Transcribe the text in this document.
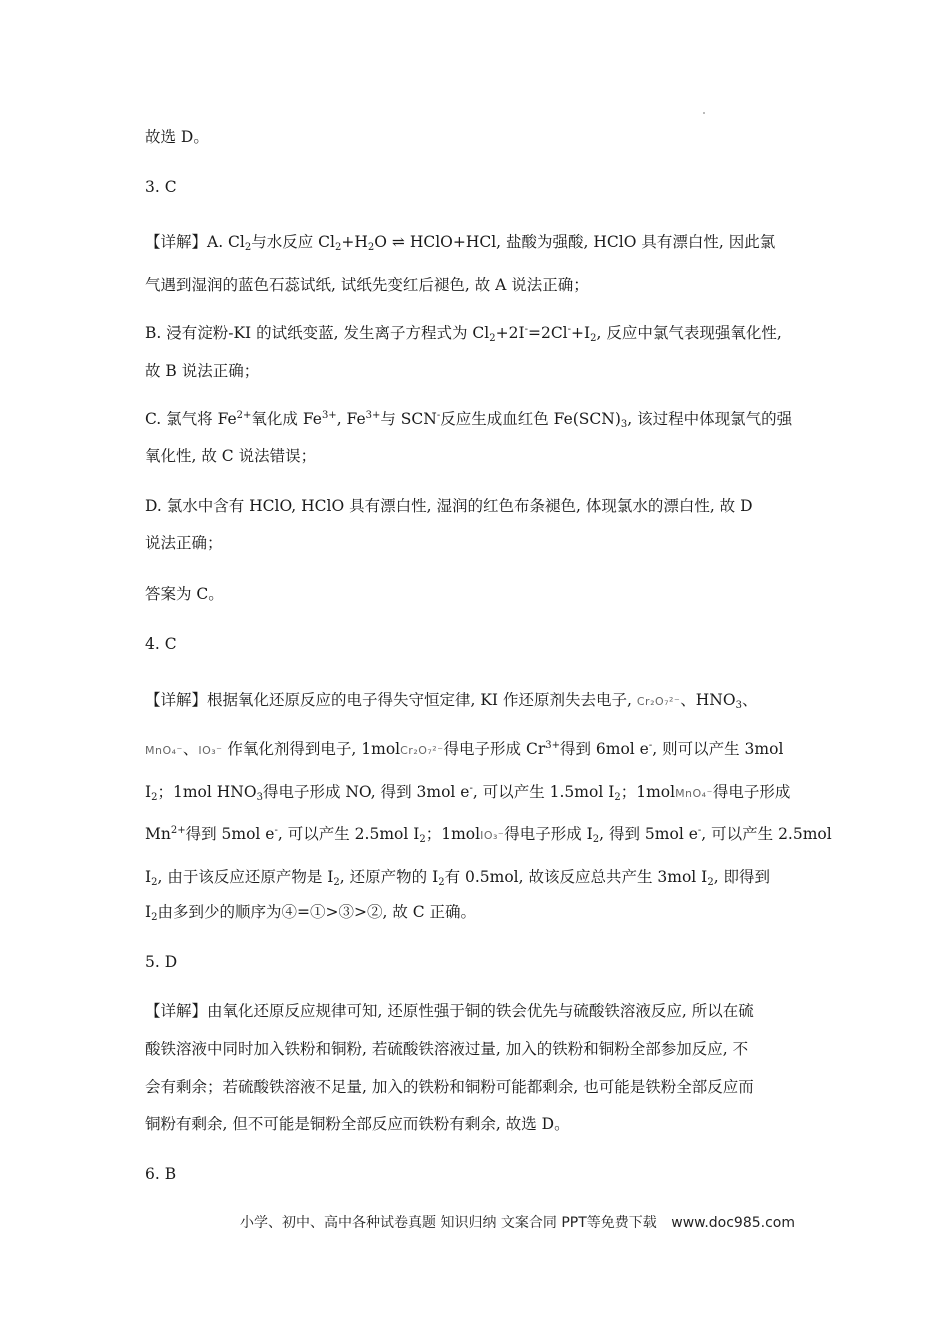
故选 D。
3. C
【详解】A. $Cl_2$与水反应 $Cl_2+H_2O$ ⇌ HClO+HCl, 盐酸为强酸, HClO 具有漂白性, 因此氯
气遇到湿润的蓝色石蕊试纸, 试纸先变红后褪色, 故 A 说法正确；
B. 浸有淀粉-KI 的试纸变蓝, 发生离子方程式为 $Cl_2+2I^-=2Cl^-+I_2$, 反应中氯气表现强氧化性,
故 B 说法正确；
C. 氯气将 $Fe^{2+}$氧化成 $Fe^{3+}$, $Fe^{3+}$与 SCN-反应生成血红色 $Fe(SCN)_3$, 该过程中体现氯气的强
氧化性, 故 C 说法错误；
D. 氯水中含有 HClO, HClO 具有漂白性, 湿润的红色布条褪色, 体现氯水的漂白性, 故 D
说法正确；
答案为 C。
4. C
【详解】根据氧化还原反应的电子得失守恒定律, KI 作还原剂失去电子, Cr₂O₇²⁻、$HNO_3$、
MnO₄⁻、IO₃⁻ 作氧化剂得到电子, 1molCr₂O₇²⁻得电子形成 $Cr^{3+}$得到 6mol e-, 则可以产生 3mol
$I_2$；1mol $HNO_3$得电子形成 NO, 得到 3mol e-, 可以产生 1.5mol $I_2$；1molMnO₄⁻得电子形成
$Mn^{2+}$得到 5mol e-, 可以产生 2.5mol $I_2$；1molIO₃⁻得电子形成 $I_2$, 得到 5mol e-, 可以产生 2.5mol
$I_2$, 由于该反应还原产物是 $I_2$, 还原产物的 $I_2$有 0.5mol, 故该反应总共产生 3mol $I_2$, 即得到
$I_2$由多到少的顺序为④=①>③>②, 故 C 正确。
5. D
【详解】由氧化还原反应规律可知, 还原性强于铜的铁会优先与硫酸铁溶液反应, 所以在硫
酸铁溶液中同时加入铁粉和铜粉, 若硫酸铁溶液过量, 加入的铁粉和铜粉全部参加反应, 不
会有剩余；若硫酸铁溶液不足量, 加入的铁粉和铜粉可能都剩余, 也可能是铁粉全部反应而
铜粉有剩余, 但不可能是铜粉全部反应而铁粉有剩余, 故选 D。
6. B
小学、初中、高中各种试卷真题 知识归纳 文案合同 PPT等免费下载 www.doc985.com
